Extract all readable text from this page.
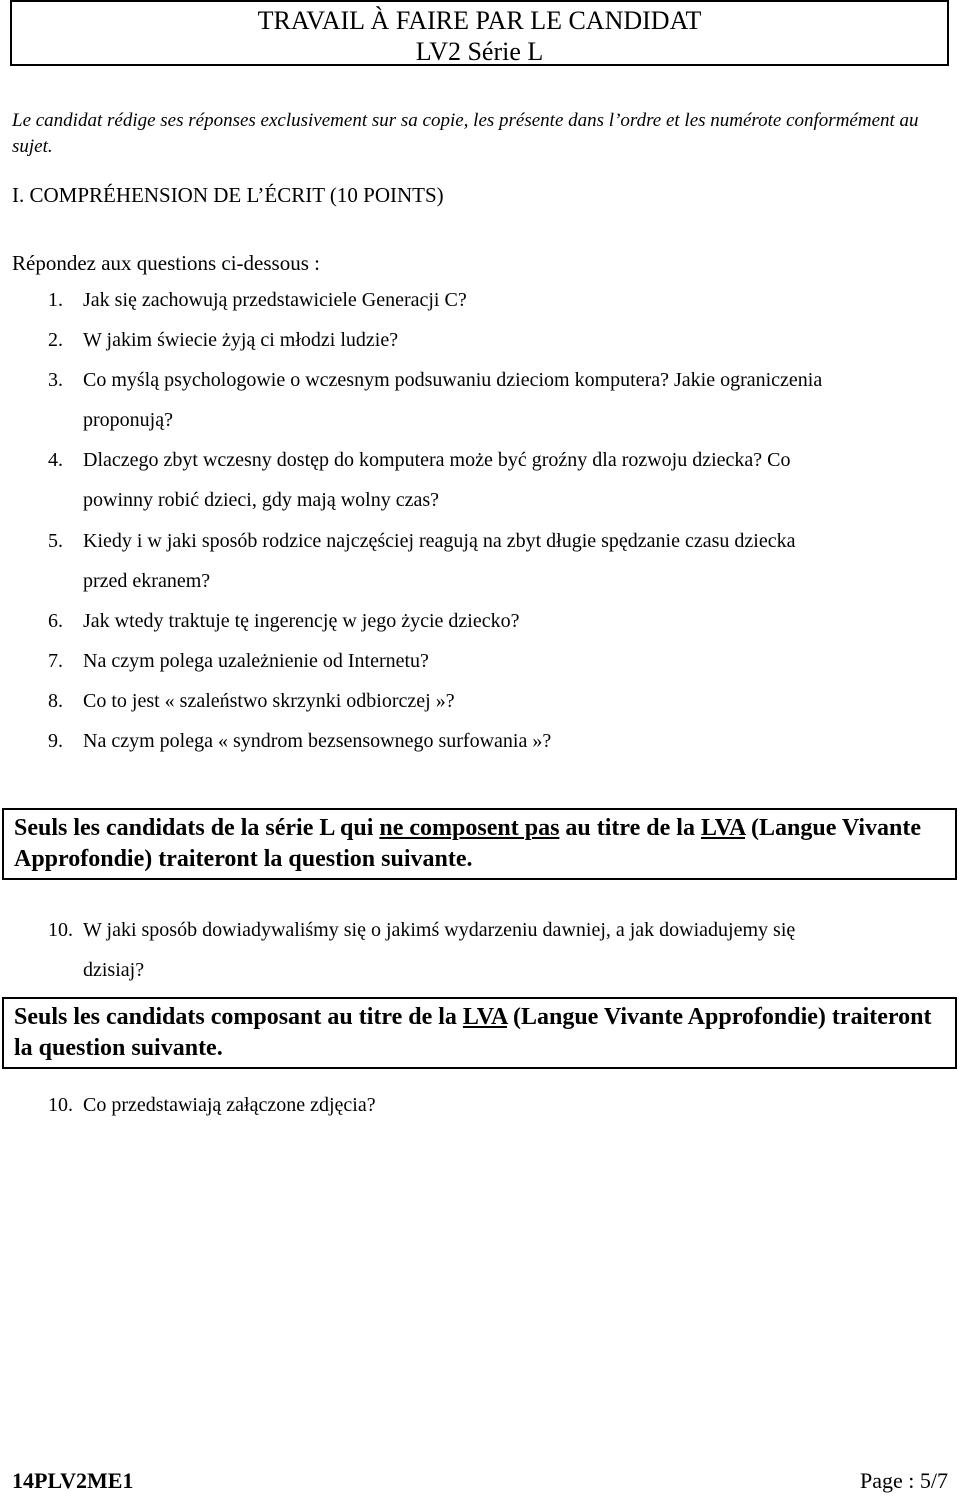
TRAVAIL À FAIRE PAR LE CANDIDAT
LV2 Série L
Le candidat rédige ses réponses exclusivement sur sa copie, les présente dans l’ordre et les numérote conformément au sujet.
I. COMPRÉHENSION DE L’ÉCRIT (10 POINTS)
Répondez aux questions ci-dessous :
1. Jak się zachowują przedstawiciele Generacji C?
2. W jakim świecie żyją ci młodzi ludzie?
3. Co myślą psychologowie o wczesnym podsuwaniu dzieciom komputera? Jakie ograniczenia
proponują?
4. Dlaczego zbyt wczesny dostęp do komputera może być groźny dla rozwoju dziecka? Co
powinny robić dzieci, gdy mają wolny czas?
5. Kiedy i w jaki sposób rodzice najczęściej reagują na zbyt długie spędzanie czasu dziecka
przed ekranem?
6. Jak wtedy traktuje tę ingerencję w jego życie dziecko?
7. Na czym polega uzależnienie od Internetu?
8. Co to jest « szaleństwo skrzynki odbiorczej »?
9. Na czym polega « syndrom bezsensownego surfowania »?
Seuls les candidats de la série L qui ne composent pas au titre de la LVA (Langue Vivante Approfondie) traiteront la question suivante.
10. W jaki sposób dowiadywaliśmy się o jakimś wydarzeniu dawniej, a jak dowiadujemy się
dzisiaj?
Seuls les candidats composant au titre de la LVA (Langue Vivante Approfondie) traiteront la question suivante.
10. Co przedstawiają załączone zdjęcia?
14PLV2ME1	Page : 5/7
